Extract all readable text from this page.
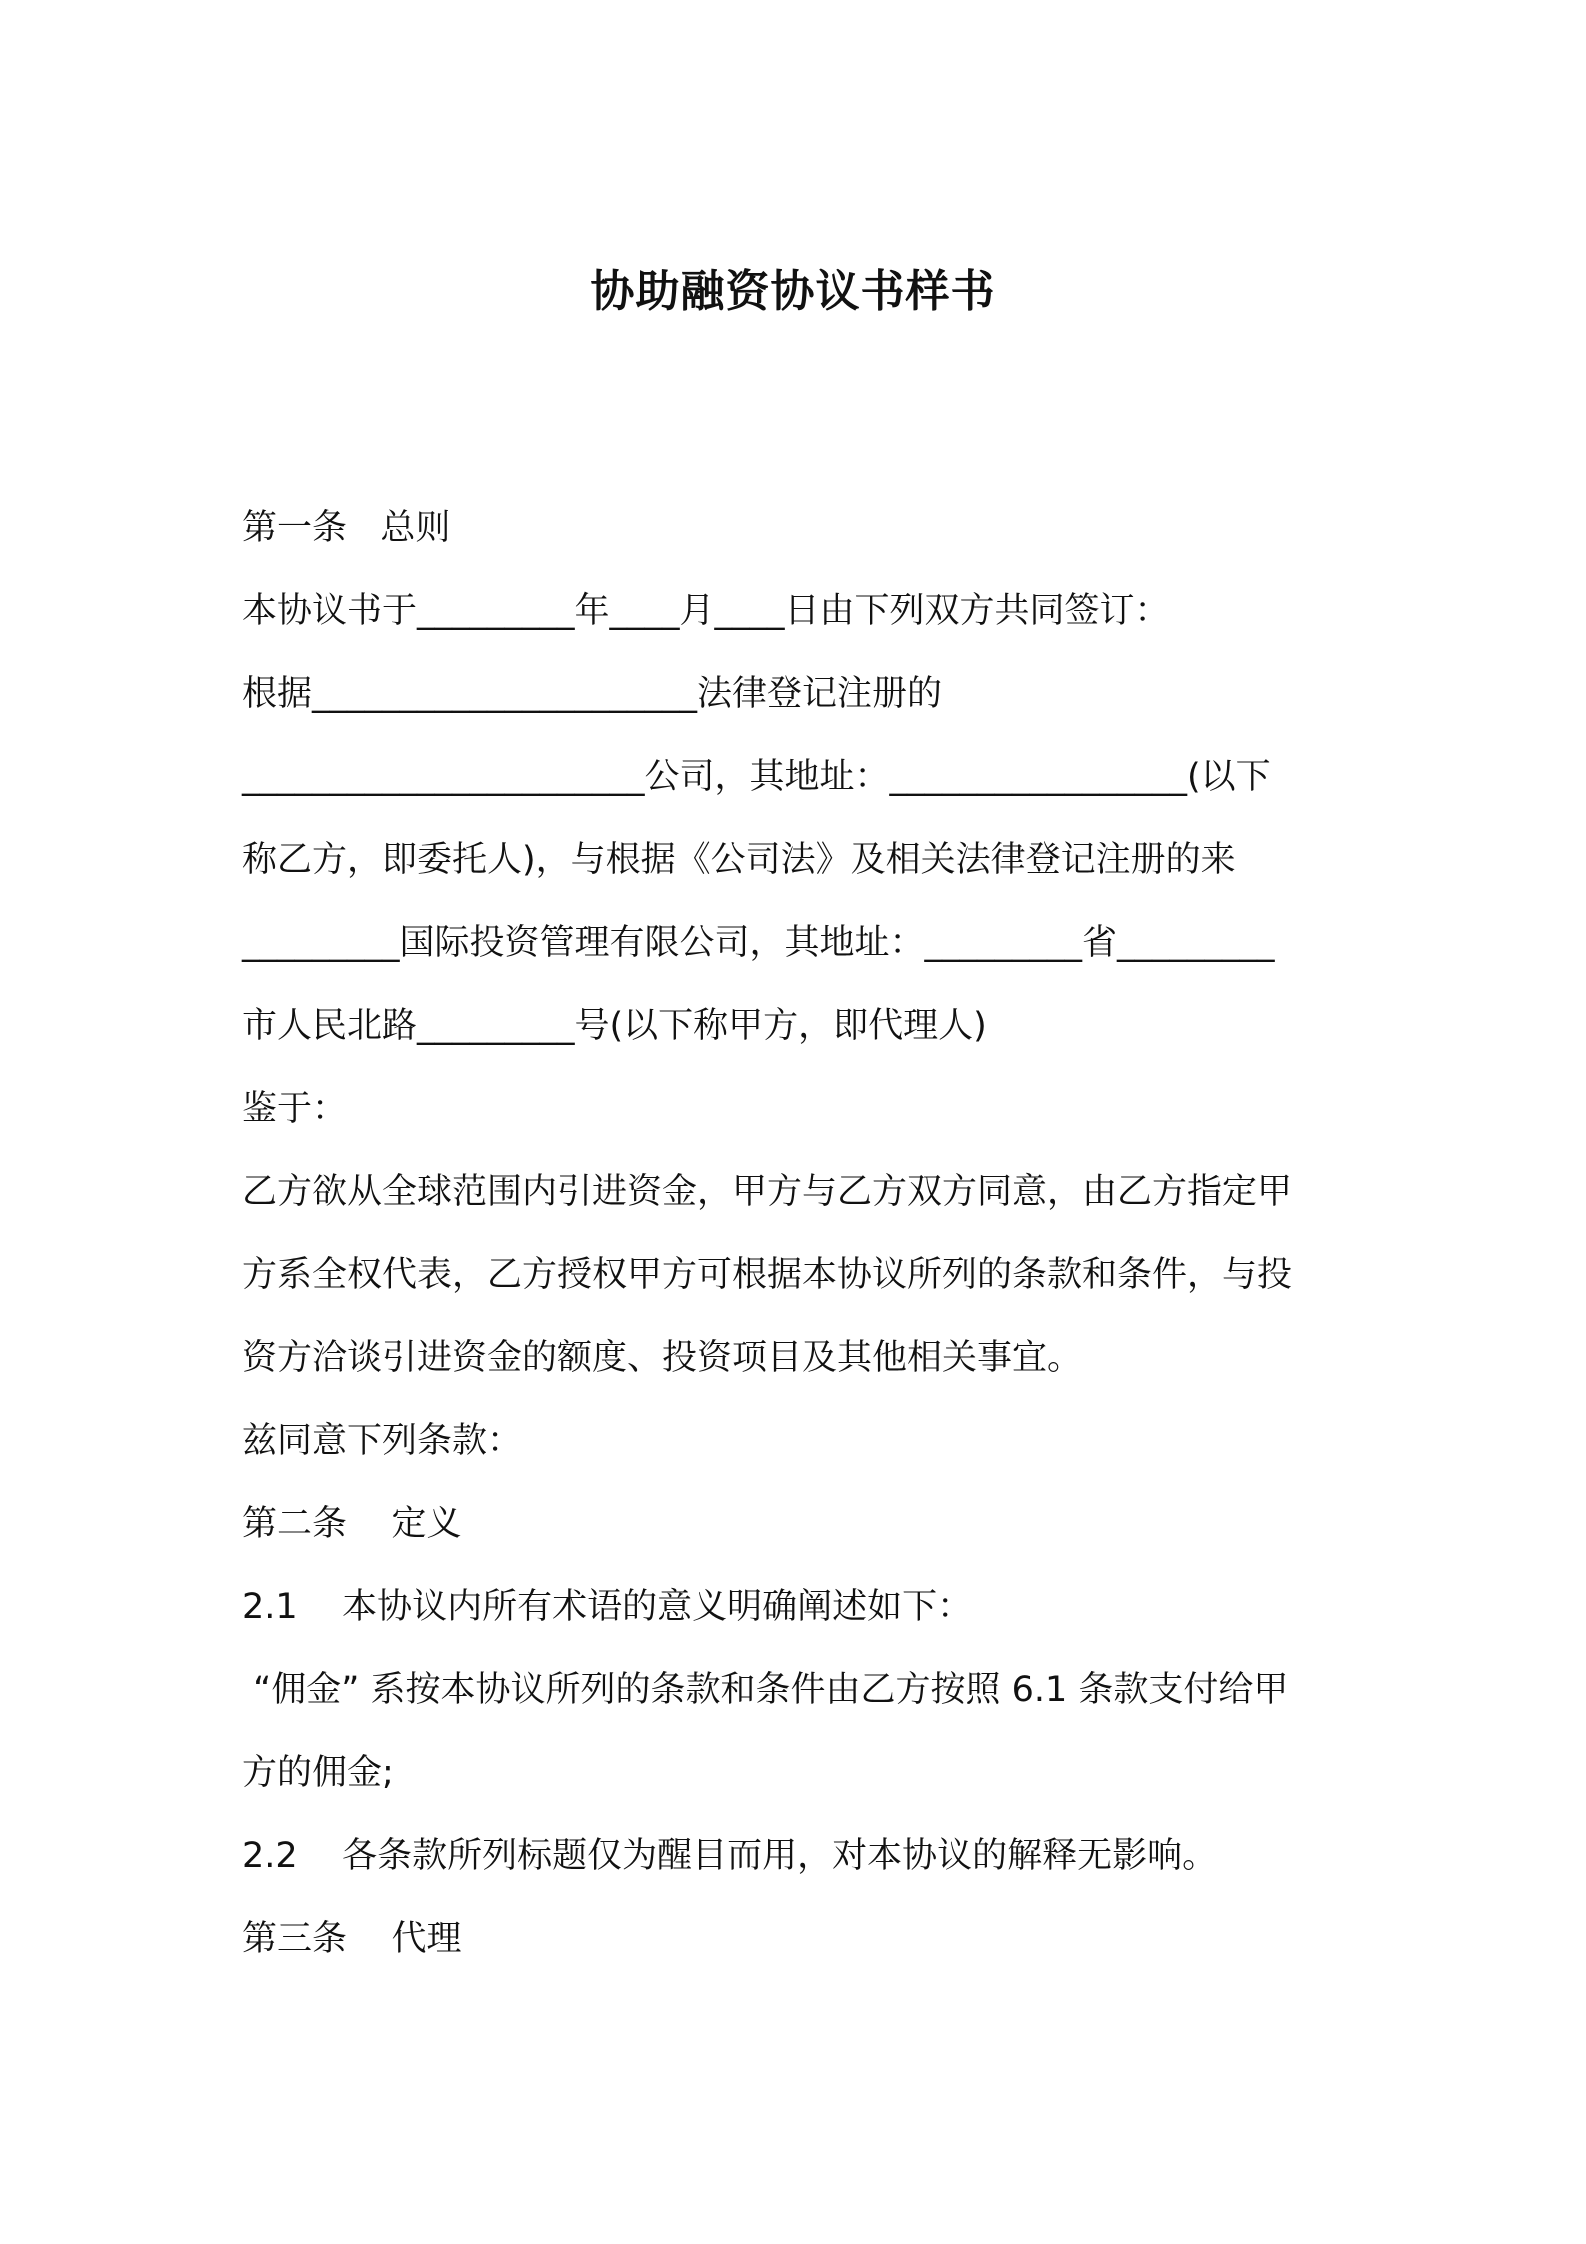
协助融资协议书样书
第一条   总则
本协议书于_________年____月____日由下列双方共同签订：
根据______________________法律登记注册的
_______________________公司，其地址：_________________(以下
称乙方，即委托人)，与根据《公司法》及相关法律登记注册的来
_________国际投资管理有限公司，其地址：_________省_________
市人民北路_________号(以下称甲方，即代理人)
鉴于：
乙方欲从全球范围内引进资金，甲方与乙方双方同意，由乙方指定甲
方系全权代表，乙方授权甲方可根据本协议所列的条款和条件，与投
资方洽谈引进资金的额度、投资项目及其他相关事宜。
兹同意下列条款：
第二条    定义
2.1    本协议内所有术语的意义明确阐述如下：
“佣金” 系按本协议所列的条款和条件由乙方按照 6.1 条款支付给甲
方的佣金;
2.2    各条款所列标题仅为醒目而用，对本协议的解释无影响。
第三条    代理
